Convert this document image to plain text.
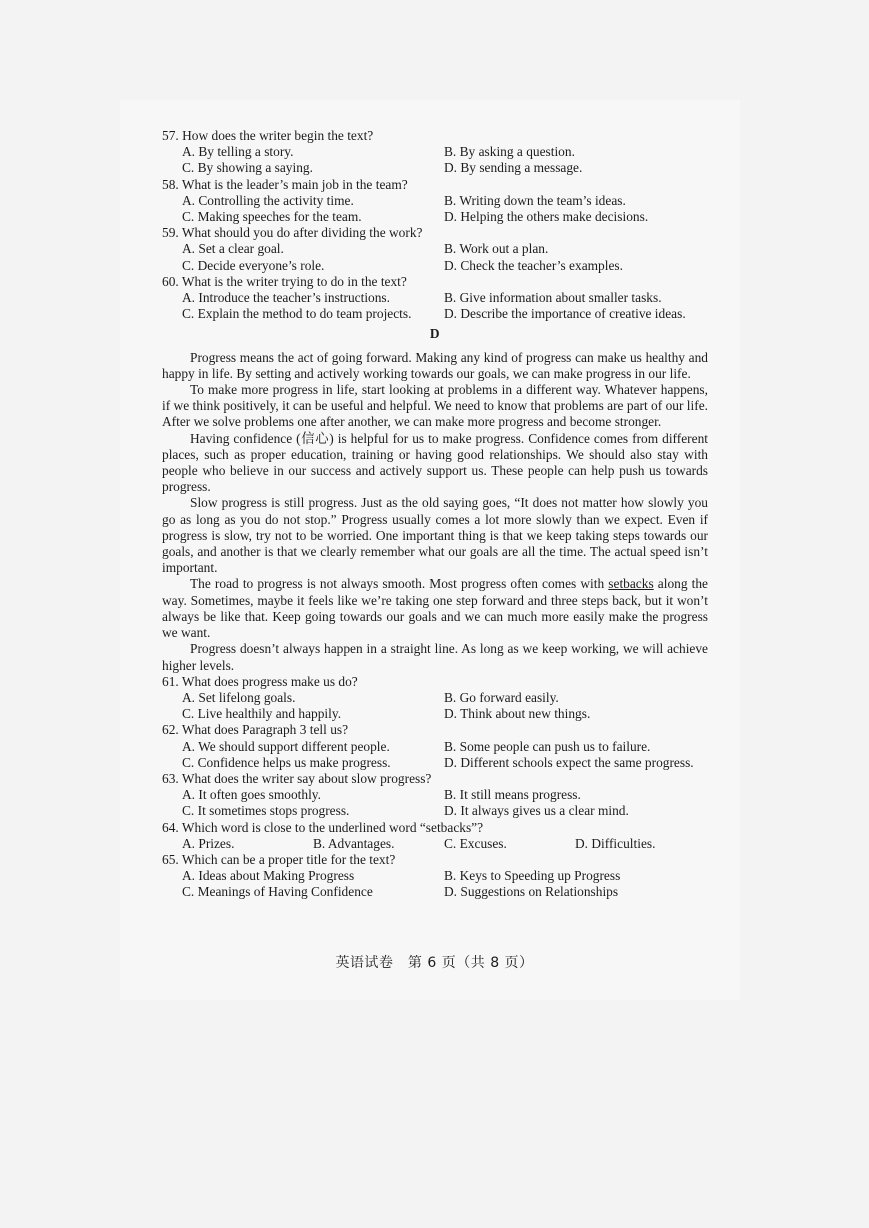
57. How does the writer begin the text?

A. By telling a story.	B. By asking a question.
C. By showing a saying.	D. By sending a message.

58. What is the leader’s main job in the team?

A. Controlling the activity time.	B. Writing down the team’s ideas.
C. Making speeches for the team.	D. Helping the others make decisions.

59. What should you do after dividing the work?

A. Set a clear goal.	B. Work out a plan.
C. Decide everyone’s role.	D. Check the teacher’s examples.

60. What is the writer trying to do in the text?

A. Introduce the teacher’s instructions.	B. Give information about smaller tasks.
C. Explain the method to do team projects.	D. Describe the importance of creative ideas.
D

Progress means the act of going forward. Making any kind of progress can make us healthy and happy in life. By setting and actively working towards our goals, we can make progress in our life.

To make more progress in life, start looking at problems in a different way. Whatever happens, if we think positively, it can be useful and helpful. We need to know that problems are part of our life. After we solve problems one after another, we can make more progress and become stronger.

Having confidence (信心) is helpful for us to make progress. Confidence comes from different places, such as proper education, training or having good relationships. We should also stay with people who believe in our success and actively support us. These people can help push us towards progress.

Slow progress is still progress. Just as the old saying goes, “It does not matter how slowly you go as long as you do not stop.” Progress usually comes a lot more slowly than we expect. Even if progress is slow, try not to be worried. One important thing is that we keep taking steps towards our goals, and another is that we clearly remember what our goals are all the time. The actual speed isn’t important.

The road to progress is not always smooth. Most progress often comes with setbacks along the way. Sometimes, maybe it feels like we’re taking one step forward and three steps back, but it won’t always be like that. Keep going towards our goals and we can much more easily make the progress we want.

Progress doesn’t always happen in a straight line. As long as we keep working, we will achieve higher levels.

61. What does progress make us do?

A. Set lifelong goals.	B. Go forward easily.
C. Live healthily and happily.	D. Think about new things.

62. What does Paragraph 3 tell us?

A. We should support different people.	B. Some people can push us to failure.
C. Confidence helps us make progress.	D. Different schools expect the same progress.

63. What does the writer say about slow progress?

A. It often goes smoothly.	B. It still means progress.
C. It sometimes stops progress.	D. It always gives us a clear mind.

64. Which word is close to the underlined word “setbacks”?

A. Prizes.	B. Advantages.	C. Excuses.	D. Difficulties.

65. Which can be a proper title for the text?

A. Ideas about Making Progress	B. Keys to Speeding up Progress
C. Meanings of Having Confidence	D. Suggestions on Relationships
英语试卷　第 6 页（共 8 页）
